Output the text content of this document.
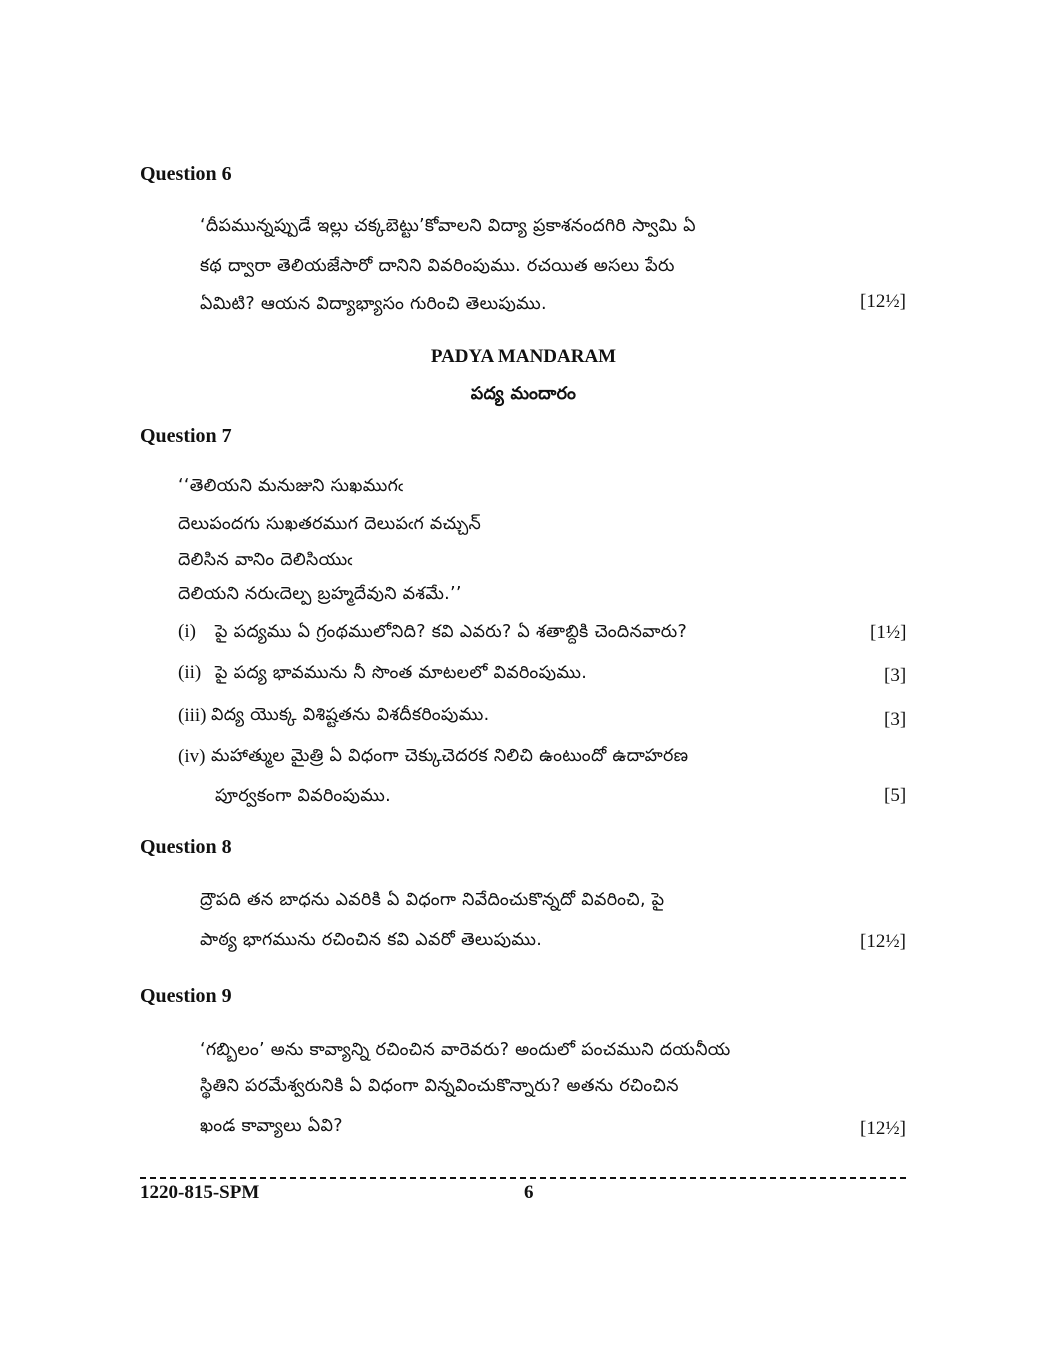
Question 6
‘దీపమున్నప్పుడే ఇల్లు చక్కబెట్టు’కోవాలని విద్యా ప్రకాశనందగిరి స్వామి ఏ
కథ ద్వారా తెలియజేసారో దానిని వివరింపుము. రచయిత అసలు పేరు
ఏమిటి? ఆయన విద్యాభ్యాసం గురించి తెలుపుము.	[12½]
PADYA MANDARAM
పద్య మందారం
Question 7
‘‘తెలియని మనుజుని సుఖముగఁ
దెలుపందగు సుఖతరముగ దెలుపఁగ వచ్చున్
దెలిసిన వానిం దెలిసియుఁ
దెలియని నరుఁదెల్ప బ్రహ్మదేవుని వశమే.’’
(i) పై పద్యము ఏ గ్రంథములోనిది? కవి ఎవరు? ఏ శతాబ్దికి చెందినవారు?	[1½]
(ii) పై పద్య భావమును నీ సొంత మాటలలో వివరింపుము.	[3]
(iii) విద్య యొక్క విశిష్టతను విశదీకరింపుము.	[3]
(iv) మహాత్ముల మైత్రి ఏ విధంగా చెక్కుచెదరక నిలిచి ఉంటుందో ఉదాహరణ
పూర్వకంగా వివరింపుము.	[5]
Question 8
ద్రౌపది తన బాధను ఎవరికి ఏ విధంగా నివేదించుకొన్నదో వివరించి, పై
పాఠ్య భాగమును రచించిన కవి ఎవరో తెలుపుము.	[12½]
Question 9
‘గబ్బిలం’ అను కావ్యాన్ని రచించిన వారెవరు? అందులో పంచముని దయనీయ
స్థితిని పరమేశ్వరునికి ఏ విధంగా విన్నవించుకొన్నారు? అతను రచించిన
ఖండ కావ్యాలు ఏవి?	[12½]
1220-815-SPM	6
